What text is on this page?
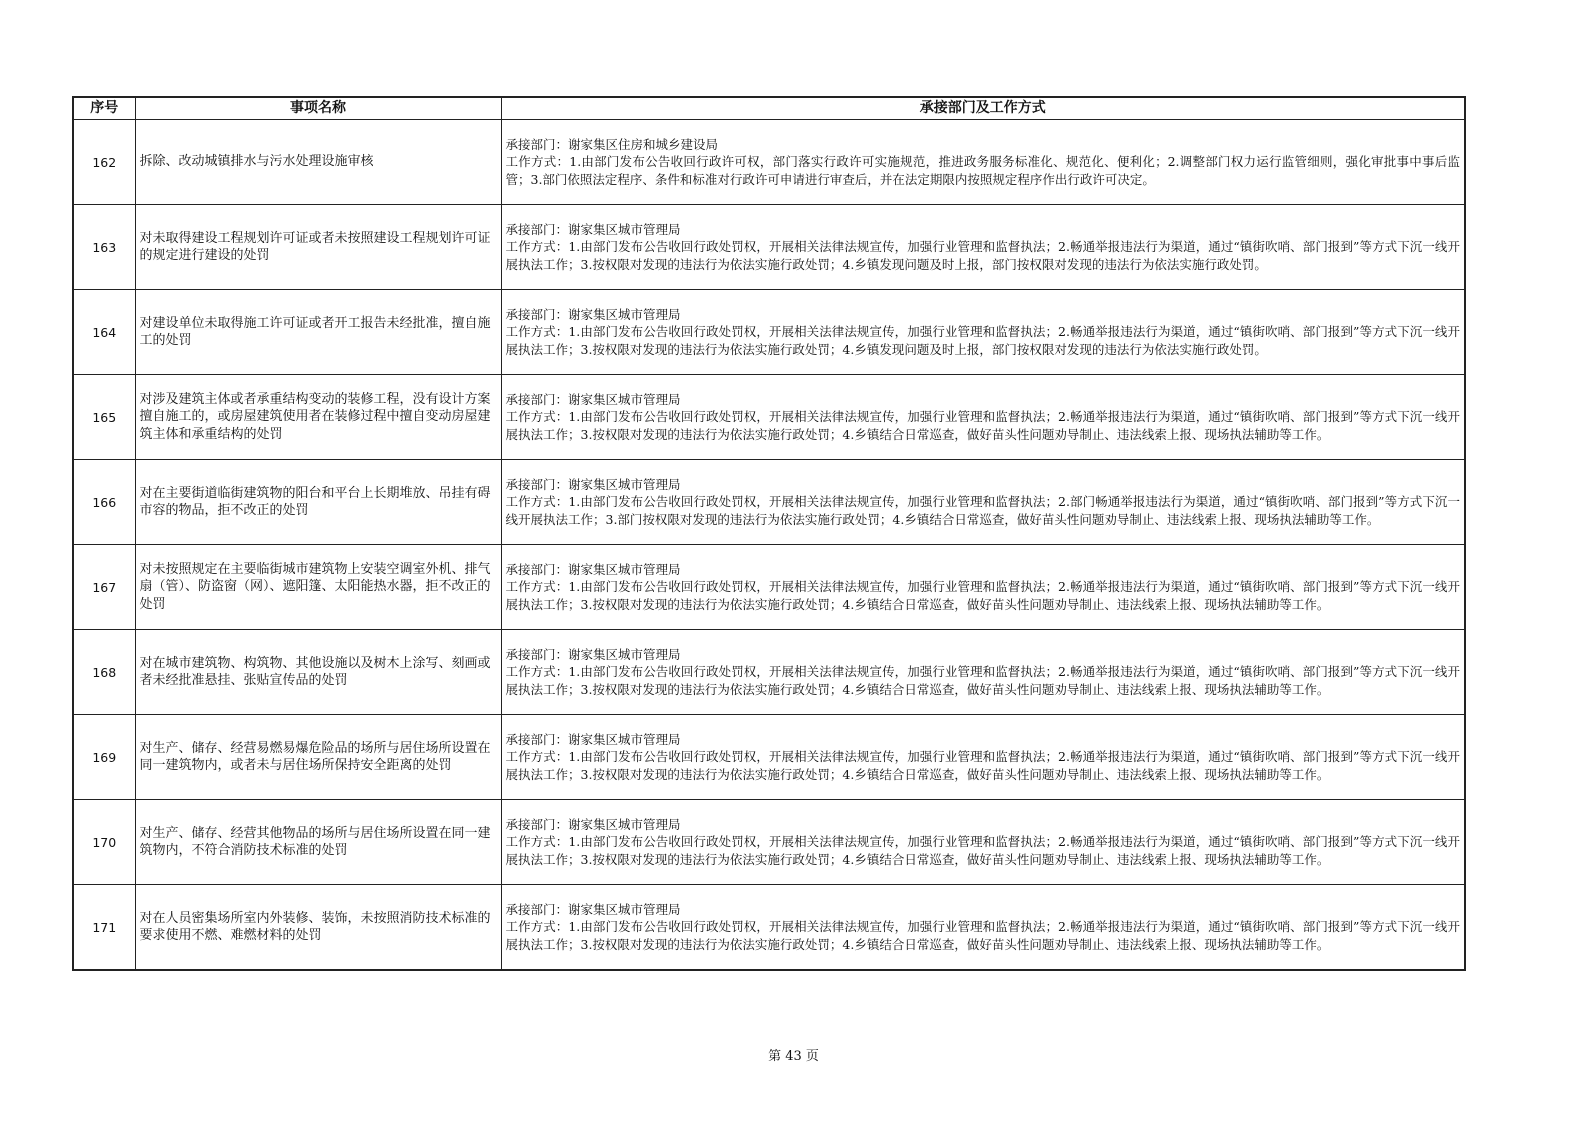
序号	事项名称	承接部门及工作方式
162	拆除、改动城镇排水与污水处理设施审核	承接部门：谢家集区住房和城乡建设局
工作方式：1.由部门发布公告收回行政许可权，部门落实行政许可实施规范，推进政务服务标准化、规范化、便利化；2.调整部门权力运行监管细则，强化审批事中事后监管；3.部门依照法定程序、条件和标准对行政许可申请进行审查后，并在法定期限内按照规定程序作出行政许可决定。

163	对未取得建设工程规划许可证或者未按照建设工程规划许可证的规定进行建设的处罚	承接部门：谢家集区城市管理局
工作方式：1.由部门发布公告收回行政处罚权，开展相关法律法规宣传，加强行业管理和监督执法；2.畅通举报违法行为渠道，通过“镇街吹哨、部门报到”等方式下沉一线开展执法工作；3.按权限对发现的违法行为依法实施行政处罚；4.乡镇发现问题及时上报，部门按权限对发现的违法行为依法实施行政处罚。

164	对建设单位未取得施工许可证或者开工报告未经批准，擅自施工的处罚	承接部门：谢家集区城市管理局
工作方式：1.由部门发布公告收回行政处罚权，开展相关法律法规宣传，加强行业管理和监督执法；2.畅通举报违法行为渠道，通过“镇街吹哨、部门报到”等方式下沉一线开展执法工作；3.按权限对发现的违法行为依法实施行政处罚；4.乡镇发现问题及时上报，部门按权限对发现的违法行为依法实施行政处罚。

165	对涉及建筑主体或者承重结构变动的装修工程，没有设计方案擅自施工的，或房屋建筑使用者在装修过程中擅自变动房屋建筑主体和承重结构的处罚	承接部门：谢家集区城市管理局
工作方式：1.由部门发布公告收回行政处罚权，开展相关法律法规宣传，加强行业管理和监督执法；2.畅通举报违法行为渠道，通过“镇街吹哨、部门报到”等方式下沉一线开展执法工作；3.按权限对发现的违法行为依法实施行政处罚；4.乡镇结合日常巡查，做好苗头性问题劝导制止、违法线索上报、现场执法辅助等工作。

166	对在主要街道临街建筑物的阳台和平台上长期堆放、吊挂有碍市容的物品，拒不改正的处罚	承接部门：谢家集区城市管理局
工作方式：1.由部门发布公告收回行政处罚权，开展相关法律法规宣传，加强行业管理和监督执法；2.部门畅通举报违法行为渠道，通过“镇街吹哨、部门报到”等方式下沉一线开展执法工作；3.部门按权限对发现的违法行为依法实施行政处罚；4.乡镇结合日常巡查，做好苗头性问题劝导制止、违法线索上报、现场执法辅助等工作。

167	对未按照规定在主要临街城市建筑物上安装空调室外机、排气扇（管）、防盗窗（网）、遮阳篷、太阳能热水器，拒不改正的处罚	承接部门：谢家集区城市管理局
工作方式：1.由部门发布公告收回行政处罚权，开展相关法律法规宣传，加强行业管理和监督执法；2.畅通举报违法行为渠道，通过“镇街吹哨、部门报到”等方式下沉一线开展执法工作；3.按权限对发现的违法行为依法实施行政处罚；4.乡镇结合日常巡查，做好苗头性问题劝导制止、违法线索上报、现场执法辅助等工作。

168	对在城市建筑物、构筑物、其他设施以及树木上涂写、刻画或者未经批准悬挂、张贴宣传品的处罚	承接部门：谢家集区城市管理局
工作方式：1.由部门发布公告收回行政处罚权，开展相关法律法规宣传，加强行业管理和监督执法；2.畅通举报违法行为渠道，通过“镇街吹哨、部门报到”等方式下沉一线开展执法工作；3.按权限对发现的违法行为依法实施行政处罚；4.乡镇结合日常巡查，做好苗头性问题劝导制止、违法线索上报、现场执法辅助等工作。

169	对生产、储存、经营易燃易爆危险品的场所与居住场所设置在同一建筑物内，或者未与居住场所保持安全距离的处罚	承接部门：谢家集区城市管理局
工作方式：1.由部门发布公告收回行政处罚权，开展相关法律法规宣传，加强行业管理和监督执法；2.畅通举报违法行为渠道，通过“镇街吹哨、部门报到”等方式下沉一线开展执法工作；3.按权限对发现的违法行为依法实施行政处罚；4.乡镇结合日常巡查，做好苗头性问题劝导制止、违法线索上报、现场执法辅助等工作。

170	对生产、储存、经营其他物品的场所与居住场所设置在同一建筑物内，不符合消防技术标准的处罚	承接部门：谢家集区城市管理局
工作方式：1.由部门发布公告收回行政处罚权，开展相关法律法规宣传，加强行业管理和监督执法；2.畅通举报违法行为渠道，通过“镇街吹哨、部门报到”等方式下沉一线开展执法工作；3.按权限对发现的违法行为依法实施行政处罚；4.乡镇结合日常巡查，做好苗头性问题劝导制止、违法线索上报、现场执法辅助等工作。

171	对在人员密集场所室内外装修、装饰，未按照消防技术标准的要求使用不燃、难燃材料的处罚	承接部门：谢家集区城市管理局
工作方式：1.由部门发布公告收回行政处罚权，开展相关法律法规宣传，加强行业管理和监督执法；2.畅通举报违法行为渠道，通过“镇街吹哨、部门报到”等方式下沉一线开展执法工作；3.按权限对发现的违法行为依法实施行政处罚；4.乡镇结合日常巡查，做好苗头性问题劝导制止、违法线索上报、现场执法辅助等工作。
第 43 页
